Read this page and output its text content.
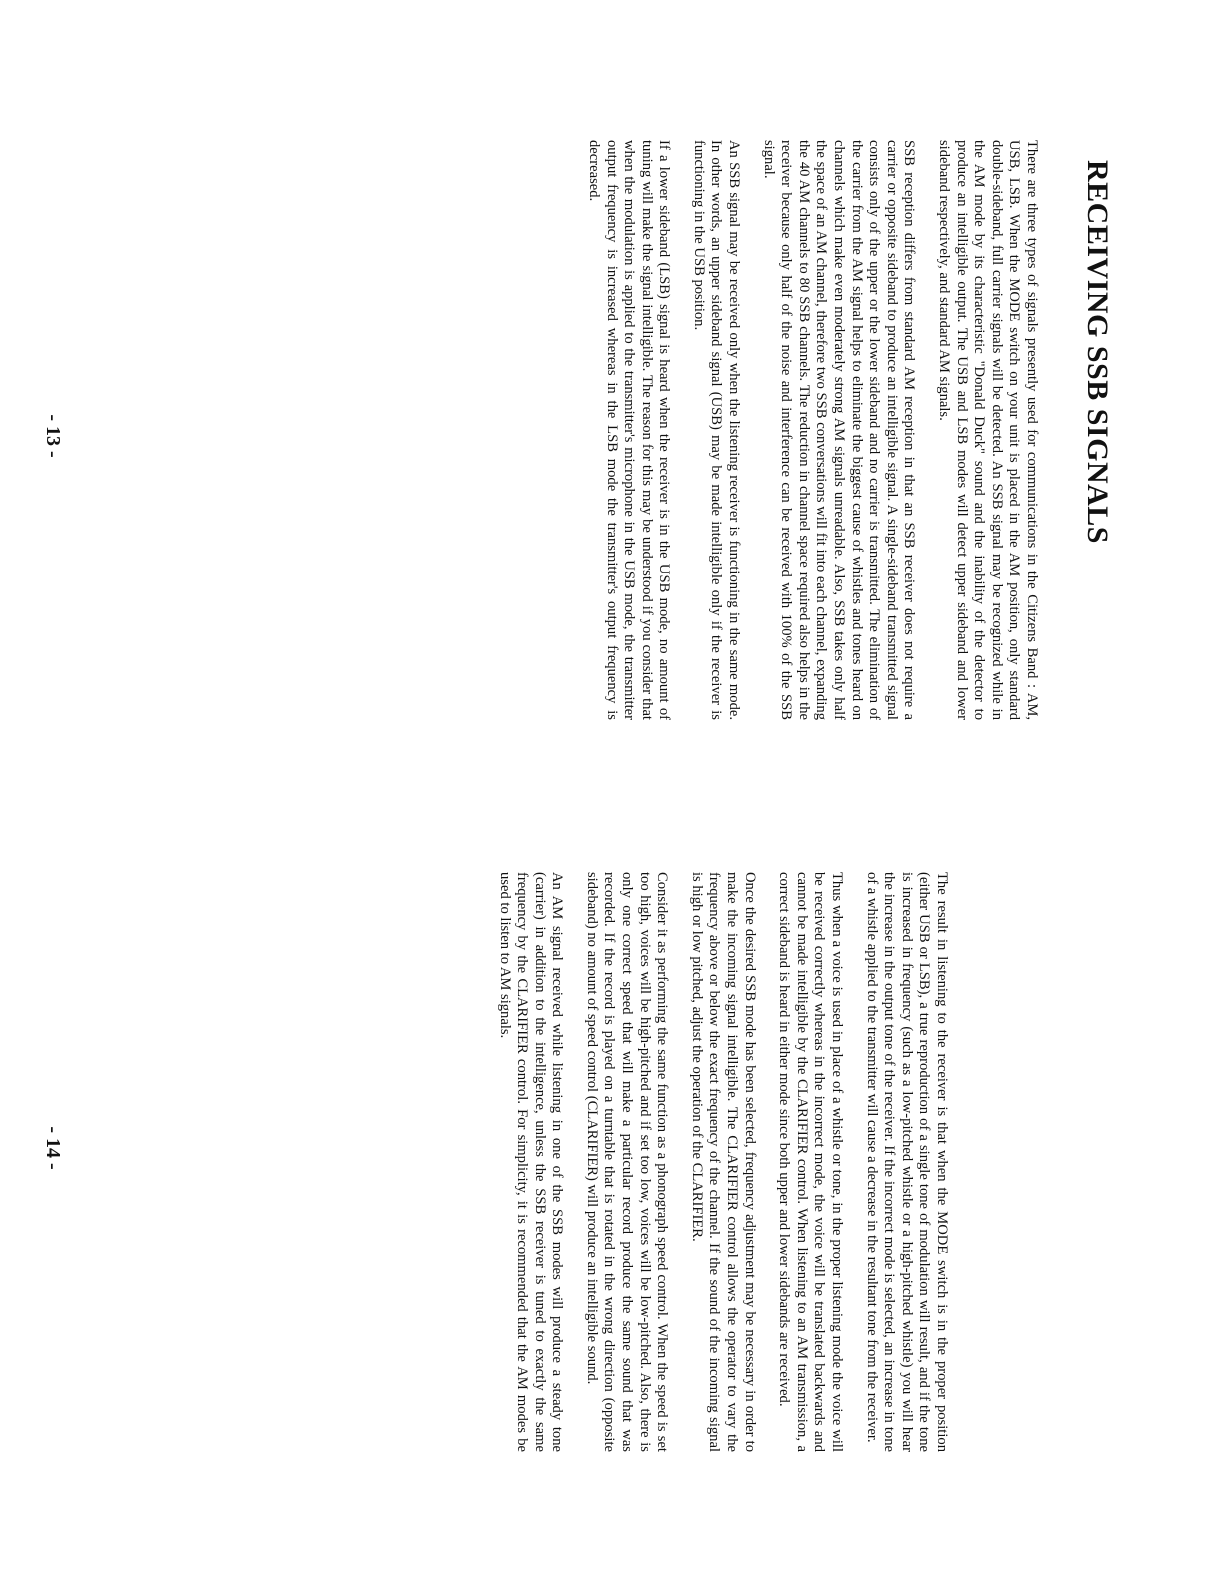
RECEIVING SSB SIGNALS

There are three types of signals presently used for communications in the Citizens Band : AM, USB, LSB. When the MODE switch on your unit is placed in the AM position, only standard double-sideband, full carrier signals will be detected. An SSB signal may be recognized while in the AM mode by its characteristic "Donald Duck" sound and the inability of the detector to produce an intelligible output. The USB and LSB modes will detect upper sideband and lower sideband respectively, and standard AM signals.

SSB reception differs from standard AM reception in that an SSB receiver does not require a carrier or opposite sideband to produce an intelligible signal. A single-sideband transmitted signal consists only of the upper or the lower sideband and no carrier is transmitted. The elimination of the carrier from the AM signal helps to eliminate the biggest cause of whistles and tones heard on channels which make even moderately strong AM signals unreadable. Also, SSB takes only half the space of an AM channel, therefore two SSB conversations will fit into each channel, expanding the 40 AM channels to 80 SSB channels. The reduction in channel space required also helps in the receiver because only half of the noise and interference can be received with 100% of the SSB signal.

An SSB signal may be received only when the listening receiver is functioning in the same mode. In other words, an upper sideband signal (USB) may be made intelligible only if the receiver is functioning in the USB position.

If a lower sideband (LSB) signal is heard when the receiver is in the USB mode, no amount of tuning will make the signal intelligible. The reason for this may be understood if you consider that when the modulation is applied to the transmitter's microphone in the USB mode, the transmitter output frequency is increased whereas in the LSB mode the transmitter's output frequency is decreased.

- 13 -

The result in listening to the receiver is that when the MODE switch is in the proper position (either USB or LSB), a true reproduction of a single tone of modulation will result, and if the tone is increased in frequency (such as a low-pitched whistle or a high-pitched whistle) you will hear the increase in the output tone of the receiver. If the incorrect mode is selected, an increase in tone of a whistle applied to the transmitter will cause a decrease in the resultant tone from the receiver.

Thus when a voice is used in place of a whistle or tone, in the proper listening mode the voice will be received correctly whereas in the incorrect mode, the voice will be translated backwards and cannot be made intelligible by the CLARIFIER control. When listening to an AM transmission, a correct sideband is heard in either mode since both upper and lower sidebands are received.

Once the desired SSB mode has been selected, frequency adjustment may be necessary in order to make the incoming signal intelligible. The CLARIFIER control allows the operator to vary the frequency above or below the exact frequency of the channel. If the sound of the incoming signal is high or low pitched, adjust the operation of the CLARIFIER.

Consider it as performing the same function as a phonograph speed control. When the speed is set too high, voices will be high-pitched and if set too low, voices will be low-pitched. Also, there is only one correct speed that will make a particular record produce the same sound that was recorded. If the record is played on a turntable that is rotated in the wrong direction (opposite sideband) no amount of speed control (CLARIFIER) will produce an intelligible sound.

An AM signal received while listening in one of the SSB modes will produce a steady tone (carrier) in addition to the intelligence, unless the SSB receiver is tuned to exactly the same frequency by the CLARIFIER control. For simplicity, it is recommended that the AM modes be used to listen to AM signals.

- 14 -
